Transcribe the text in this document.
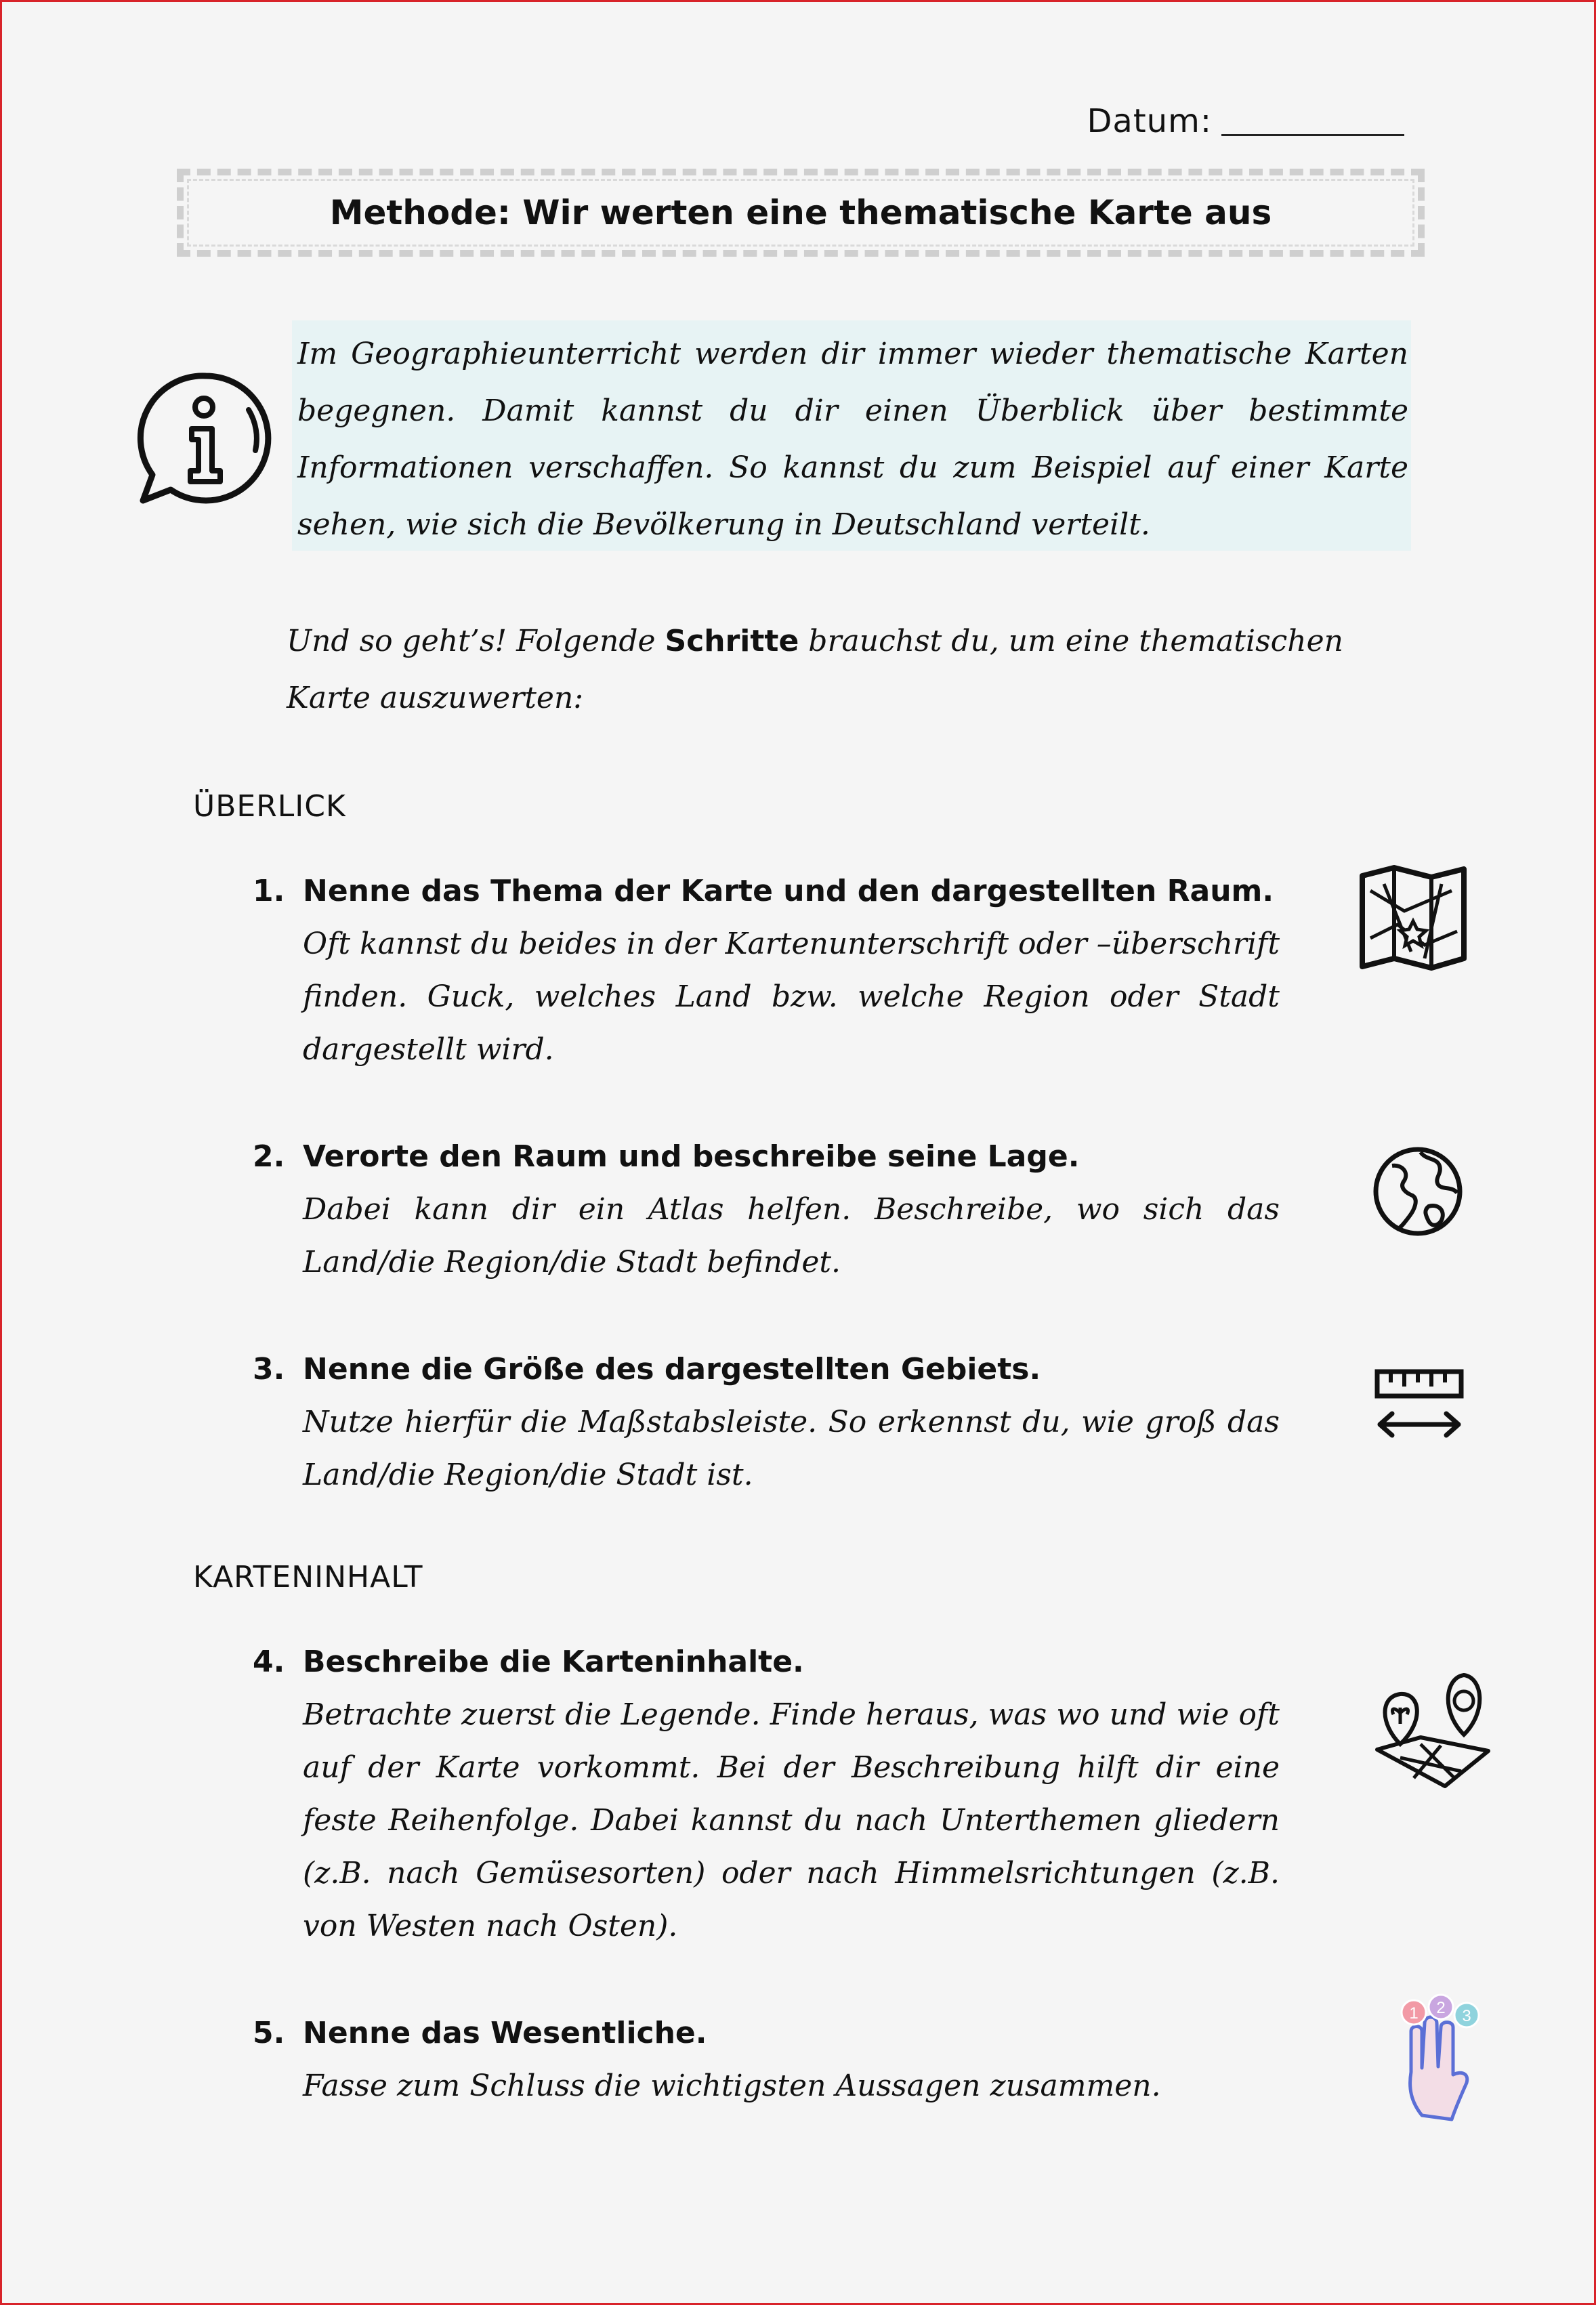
Datum:
Methode: Wir werten eine thematische Karte aus
Im Geographieunterricht werden dir immer wieder thematische Karten begegnen. Damit kannst du dir einen Überblick über bestimmte Informationen verschaffen. So kannst du zum Beispiel auf einer Karte sehen, wie sich die Bevölkerung in Deutschland verteilt.
Und so geht’s! Folgende Schritte brauchst du, um eine thematischen Karte auszuwerten:
ÜBERLICK
1. Nenne das Thema der Karte und den dargestellten Raum.
Oft kannst du beides in der Kartenunterschrift oder –überschrift finden. Guck, welches Land bzw. welche Region oder Stadt dargestellt wird.
2. Verorte den Raum und beschreibe seine Lage.
Dabei kann dir ein Atlas helfen. Beschreibe, wo sich das Land/die Region/die Stadt befindet.
3. Nenne die Größe des dargestellten Gebiets.
Nutze hierfür die Maßstabsleiste. So erkennst du, wie groß das Land/die Region/die Stadt ist.
KARTENINHALT
4. Beschreibe die Karteninhalte.
Betrachte zuerst die Legende. Finde heraus, was wo und wie oft auf der Karte vorkommt. Bei der Beschreibung hilft dir eine feste Reihenfolge. Dabei kannst du nach Unterthemen gliedern (z.B. nach Gemüsesorten) oder nach Himmelsrichtungen (z.B. von Westen nach Osten).
5. Nenne das Wesentliche.
Fasse zum Schluss die wichtigsten Aussagen zusammen.
1 2 3
